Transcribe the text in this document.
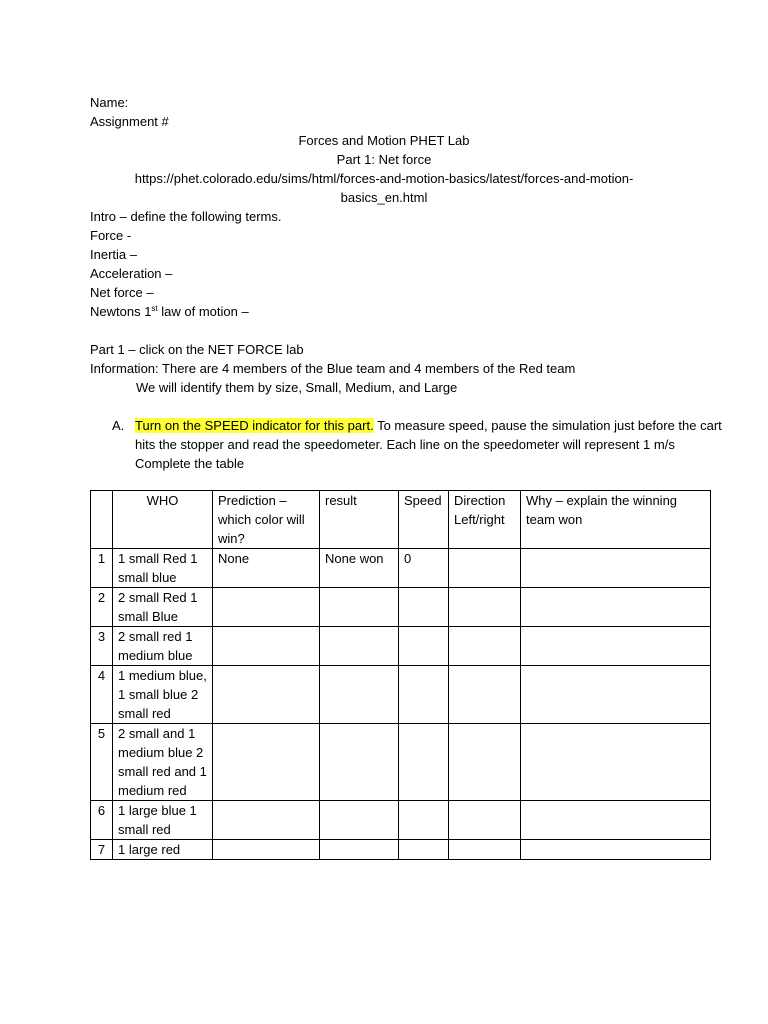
Name:
Assignment #
Forces and Motion PHET Lab
Part 1: Net force
https://phet.colorado.edu/sims/html/forces-and-motion-basics/latest/forces-and-motion-
basics_en.html
Intro – define the following terms.
Force -
Inertia –
Acceleration –
Net force –
Newtons 1st law of motion –
Part 1 – click on the NET FORCE lab
Information: There are 4 members of the Blue team and 4 members of the Red team
We will identify them by size, Small, Medium, and Large
A. Turn on the SPEED indicator for this part. To measure speed, pause the simulation just before the cart hits the stopper and read the speedometer. Each line on the speedometer will represent 1 m/s
Complete the table
	WHO	Prediction – which color will win?	result	Speed	Direction Left/right	Why – explain the winning team won
1	1 small Red 1 small blue	None	None won	0		
2	2 small Red 1 small Blue					
3	2 small red 1 medium blue					
4	1 medium blue, 1 small blue 2 small red					
5	2 small and 1 medium blue 2 small red and 1 medium red					
6	1 large blue 1 small red					
7	1 large red					
